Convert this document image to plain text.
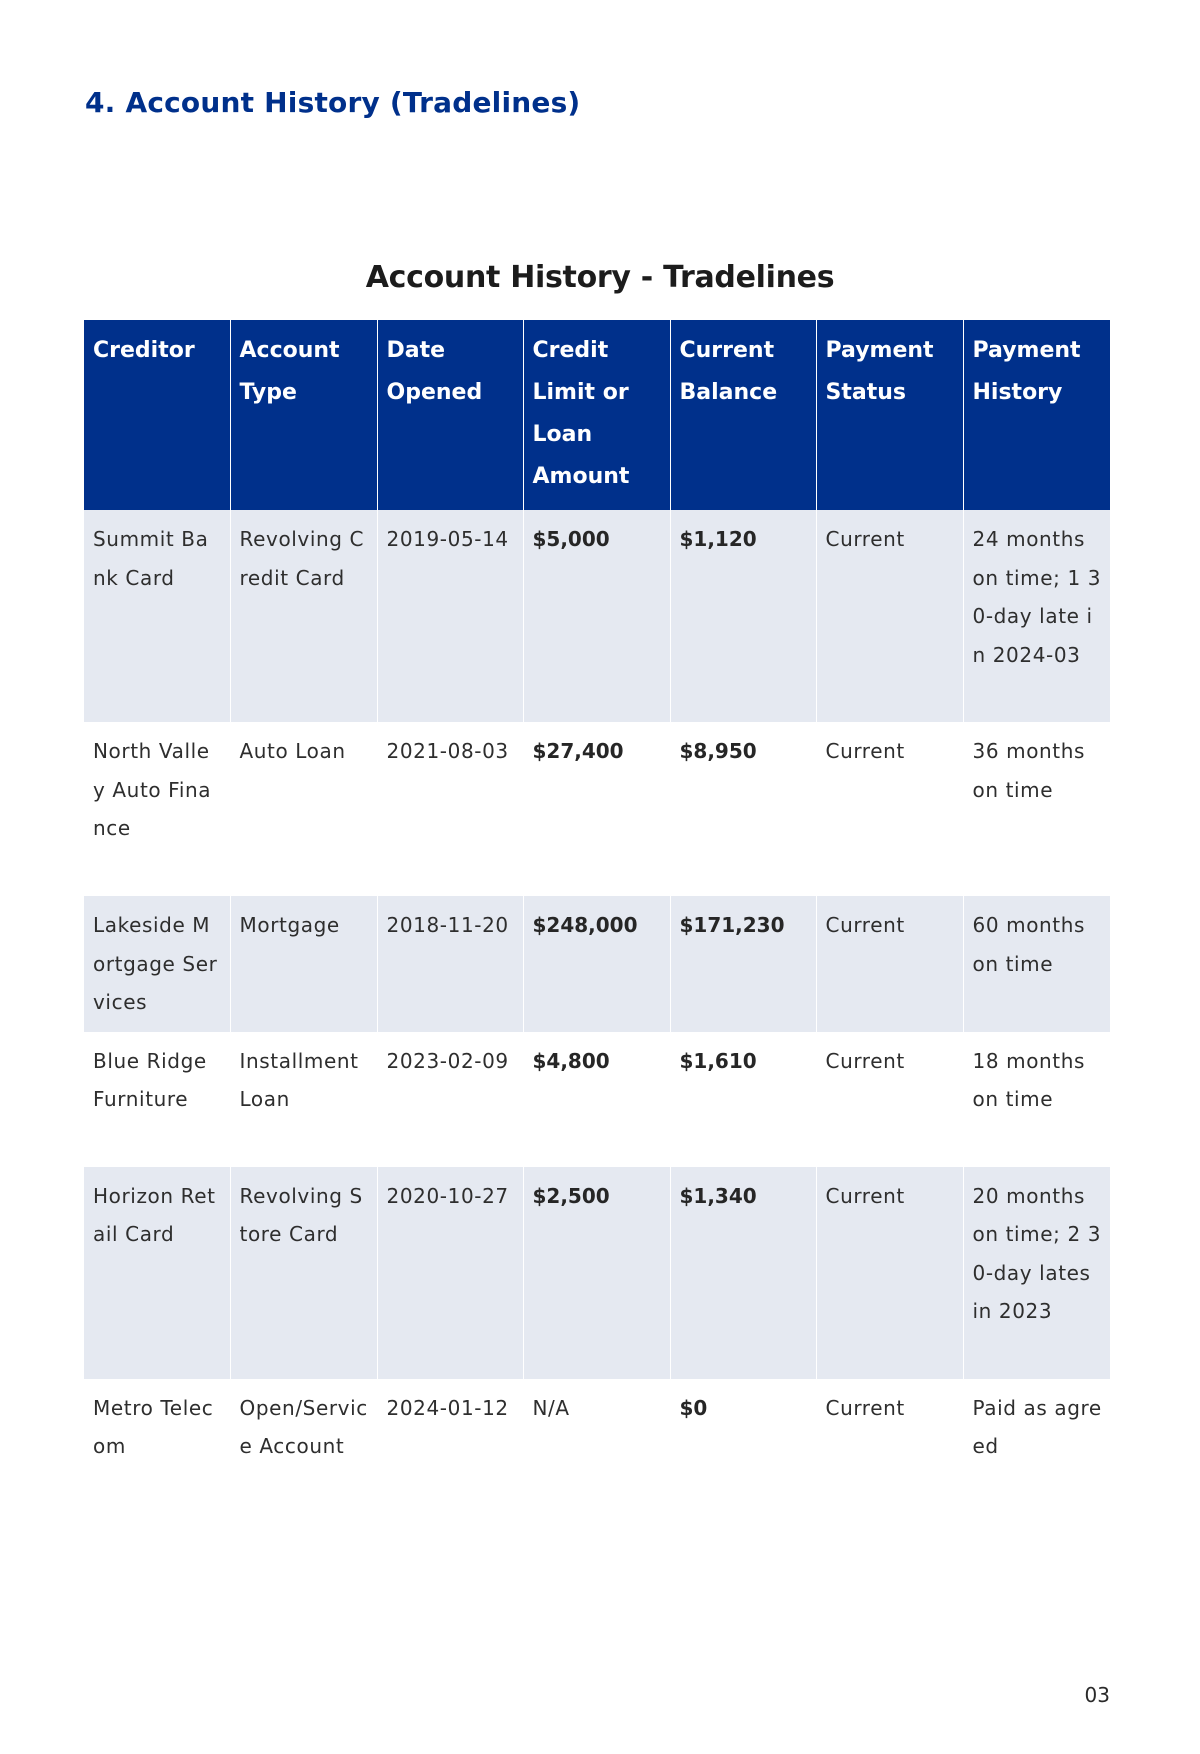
4. Account History (Tradelines)
Account History - Tradelines
Creditor	Account Type	Date Opened	Credit Limit or Loan Amount	Current Balance	Payment Status	Payment History
Summit Bank Card	Revolving Credit Card	2019-05-14	$5,000	$1,120	Current	24 months on time; 1 30-day late in 2024-03
North Valley Auto Finance	Auto Loan	2021-08-03	$27,400	$8,950	Current	36 months on time
Lakeside Mortgage Services	Mortgage	2018-11-20	$248,000	$171,230	Current	60 months on time
Blue Ridge Furniture	Installment Loan	2023-02-09	$4,800	$1,610	Current	18 months on time
Horizon Retail Card	Revolving Store Card	2020-10-27	$2,500	$1,340	Current	20 months on time; 2 30-day lates in 2023
Metro Telecom	Open/Service Account	2024-01-12	N/A	$0	Current	Paid as agreed
03
